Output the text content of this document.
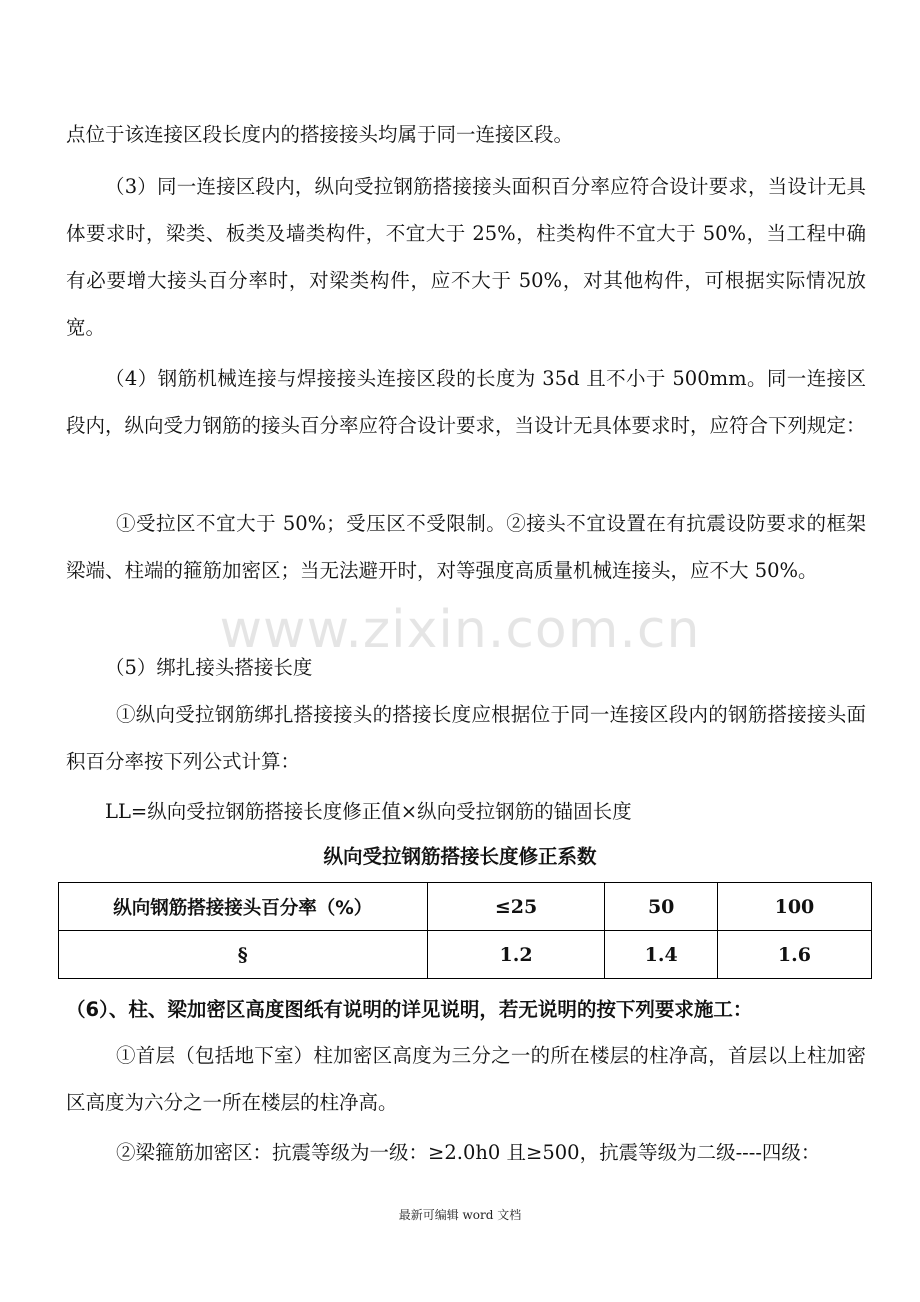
点位于该连接区段长度内的搭接接头均属于同一连接区段。

（3）同一连接区段内，纵向受拉钢筋搭接接头面积百分率应符合设计要求，当设计无具体要求时，梁类、板类及墙类构件，不宜大于 25%，柱类构件不宜大于 50%，当工程中确有必要增大接头百分率时，对梁类构件，应不大于 50%，对其他构件，可根据实际情况放宽。

（4）钢筋机械连接与焊接接头连接区段的长度为 35d 且不小于 500mm。同一连接区段内，纵向受力钢筋的接头百分率应符合设计要求，当设计无具体要求时，应符合下列规定：

①受拉区不宜大于 50%；受压区不受限制。②接头不宜设置在有抗震设防要求的框架梁端、柱端的箍筋加密区；当无法避开时，对等强度高质量机械连接头，应不大 50%。

（5）绑扎接头搭接长度

①纵向受拉钢筋绑扎搭接接头的搭接长度应根据位于同一连接区段内的钢筋搭接接头面积百分率按下列公式计算：

LL=纵向受拉钢筋搭接长度修正值×纵向受拉钢筋的锚固长度

纵向受拉钢筋搭接长度修正系数
纵向钢筋搭接接头百分率（%）	≤25	50	100
§	1.2	1.4	1.6
（6）、柱、梁加密区高度图纸有说明的详见说明，若无说明的按下列要求施工：

①首层（包括地下室）柱加密区高度为三分之一的所在楼层的柱净高，首层以上柱加密区高度为六分之一所在楼层的柱净高。

②梁箍筋加密区：抗震等级为一级：≥2.0h0 且≥500，抗震等级为二级----四级：

www.zixin.com.cn
最新可编辑 word 文档
